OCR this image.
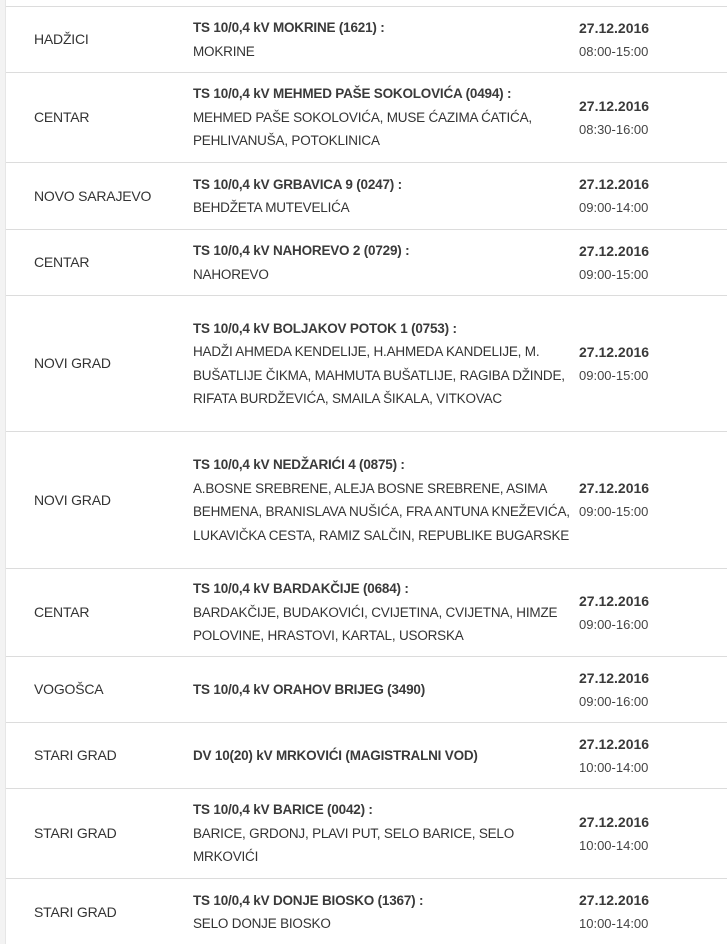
HADŽICI
TS 10/0,4 kV MOKRINE (1621) :
MOKRINE
27.12.2016
08:00-15:00
CENTAR
TS 10/0,4 kV MEHMED PAŠE SOKOLOVIĆA (0494) :
MEHMED PAŠE SOKOLOVIĆA, MUSE ĆAZIMA ĆATIĆA, PEHLIVANUŠA, POTOKLINICA
27.12.2016
08:30-16:00
NOVO SARAJEVO
TS 10/0,4 kV GRBAVICA 9 (0247) :
BEHDŽETA MUTEVELIĆA
27.12.2016
09:00-14:00
CENTAR
TS 10/0,4 kV NAHOREVO 2 (0729) :
NAHOREVO
27.12.2016
09:00-15:00
NOVI GRAD
TS 10/0,4 kV BOLJAKOV POTOK 1 (0753) :
HADŽI AHMEDA KENDELIJE, H.AHMEDA KANDELIJE, M. BUŠATLIJE ČIKMA, MAHMUTA BUŠATLIJE, RAGIBA DŽINDE, RIFATA BURDŽEVIĆA, SMAILA ŠIKALA, VITKOVAC
27.12.2016
09:00-15:00
NOVI GRAD
TS 10/0,4 kV NEDŽARIĆI 4 (0875) :
A.BOSNE SREBRENE, ALEJA BOSNE SREBRENE, ASIMA BEHMENA, BRANISLAVA NUŠIĆA, FRA ANTUNA KNEŽEVIĆA, LUKAVIČKA CESTA, RAMIZ SALČIN, REPUBLIKE BUGARSKE
27.12.2016
09:00-15:00
CENTAR
TS 10/0,4 kV BARDAKČIJE (0684) :
BARDAKČIJE, BUDAKOVIĆI, CVIJETINA, CVIJETNA, HIMZE POLOVINE, HRASTOVI, KARTAL, USORSKA
27.12.2016
09:00-16:00
VOGOŠCA	TS 10/0,4 kV ORAHOV BRIJEG (3490)
27.12.2016
09:00-16:00
STARI GRAD	DV 10(20) kV MRKOVIĆI (MAGISTRALNI VOD)
27.12.2016
10:00-14:00
STARI GRAD
TS 10/0,4 kV BARICE (0042) :
BARICE, GRDONJ, PLAVI PUT, SELO BARICE, SELO MRKOVIĆI
27.12.2016
10:00-14:00
STARI GRAD
TS 10/0,4 kV DONJE BIOSKO (1367) :
SELO DONJE BIOSKO
27.12.2016
10:00-14:00
